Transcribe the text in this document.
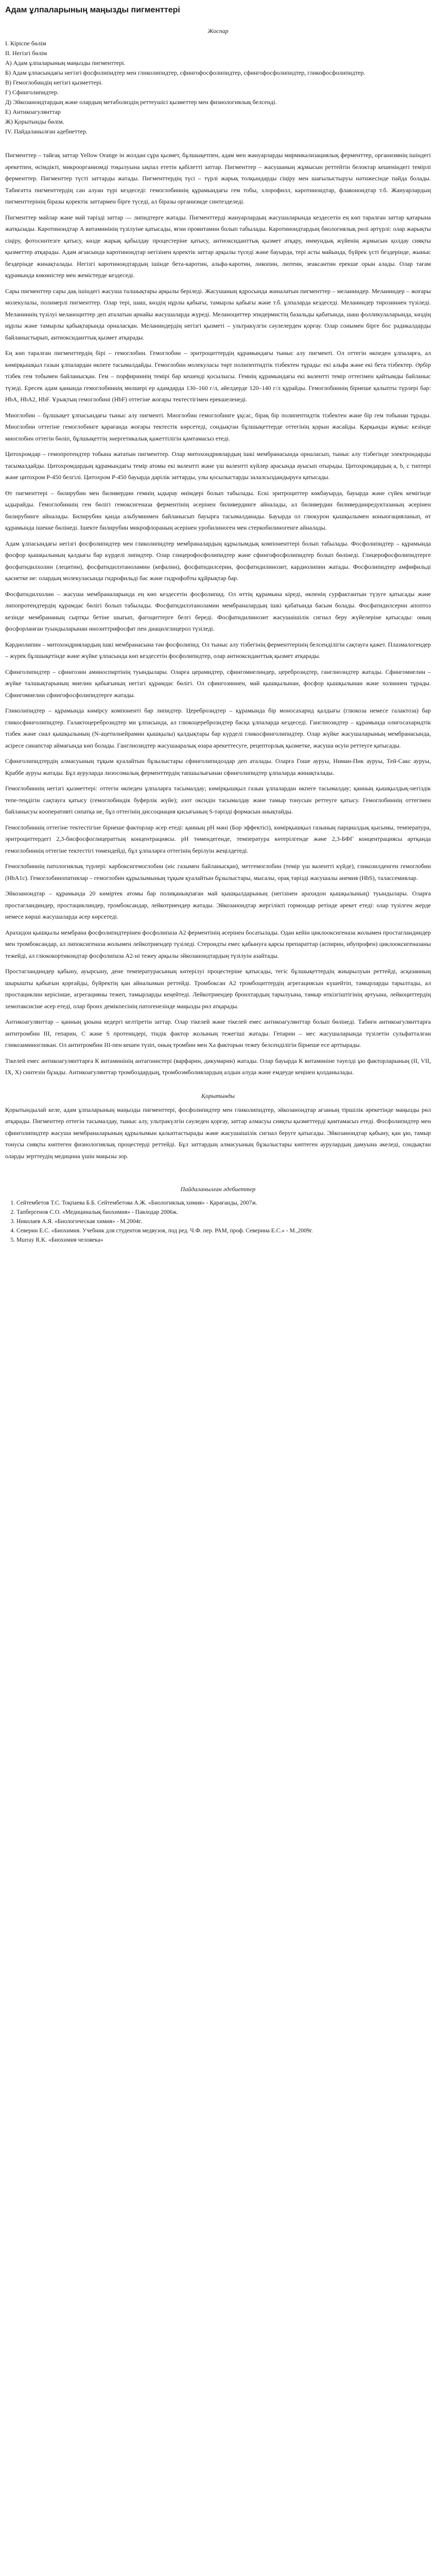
Адам ұлпаларының маңызды пигменттері
Жоспар
I. Кіріспе бөлім
II. Негізгі бөлім
A) Адам ұлпаларының маңызды пигменттері.
Б) Адам ұлпасындағы негізгі фосфолипидтер мен гликолипидтер, сфингофосфолипидтер, сфингофосфолипидтер, гликофосфолипидтер.
В) Гемоглобиндің негізгі қызметтері.
Г) Сфинголипидтер.
Д) Эйкозаноидтардың және олардың метаболиздің реттеушісі қызметтер мен физиологиялық белсенді.
Е) Антикоагулянттар
Ж) Қорытынды бөлім.
IV. Пайдаланылған әдебиеттер.

Пигменттер – тайғақ заттар Yellow Orange ін жолдан сұра қызмет, бұлшықетпен, адам мен жануарларды мирмикализациялық ферменттер, организмнің ішіндегі әрекетпен, өсімдікті, микроорганизмді тоқылуына ықпал ететін қабілетті заттар. Пигменттер – жасушаның жұмысын реттейтін белоктар кешеніндегі темірлі ферменттер. Пигменттер түсті заттарды жатады. Пигменттердің түсі – түрлі жарық толқындарды сіңіру мен шағылыстыруы нәтижесінде пайда болады. Табиғатта пигменттердің сан алуан түрі кездеседі: гемоглобиннің құрамындағы гем тобы, хлорофилл, каротиноидтар, флавоноидтар т.б. Жануарлардың пигменттерінің біразы қоректік заттармен бірге түседі, ал біразы организмде синтезделеді.

Пигменттер майлар және май тәрізді заттар — липидтерге жатады. Пигменттерді жануарлардың жасушаларында кездесетін ең көп таралған заттар қатарына жатқызады. Каротиноидтар A витаминінің түзілуіне қатысады, яғни провитамин болып табылады. Каротиноидтардың биологиялық рөлі әртүрлі: олар жарықты сіңіру, фотосинтезге қатысу, көзде жарық қабылдау процестеріне қатысу, антиоксиданттық қызмет атқару, иммундық жүйенің жұмысын қолдау сияқты қызметтер атқарады. Адам ағзасында каротиноидтар негізінен қоректік заттар арқылы түседі және бауырда, тері асты майында, бүйрек үсті бездерінде, жыныс бездерінде жинақталады. Негізгі каротиноидтардың ішінде бета-каротин, альфа-каротин, ликопин, лютеин, зеаксантин ерекше орын алады. Олар тағам құрамында көкөністер мен жемістерде кездеседі.

Сары пигменттер сары дақ ішіндегі жасуша талшықтары арқылы беріледі. Жасушаның ядросында жиналатын пигменттер – меланиндер. Меланиндер – жоғары молекулалы, полимерлі пигменттер. Олар тері, шаш, көздің нұрлы қабығы, тамырлы қабығы және т.б. ұлпаларда кездеседі. Меланиндер тирозиннен түзіледі. Меланиннің түзілуі меланоциттер деп аталатын арнайы жасушаларда жүреді. Меланоциттер эпидермистің базальды қабатында, шаш фолликулаларында, көздің нұрлы және тамырлы қабықтарында орналасқан. Меланиндердің негізгі қызметі – ультракүлгін сәулелерден қорғау. Олар сонымен бірге бос радикалдарды байланыстырып, антиоксиданттық қызмет атқарады.

Ең көп таралған пигменттердің бірі – гемоглобин. Гемоглобин – эритроциттердің құрамындағы тыныс алу пигменті. Ол оттегін өкпеден ұлпаларға, ал көмірқышқыл газын ұлпалардан өкпеге тасымалдайды. Гемоглобин молекуласы төрт полипептидтік тізбектен тұрады: екі альфа және екі бета тізбектер. Әрбір тізбек гем тобымен байланысқан. Гем – порфириннің темірі бар кешенді қосылысы. Гемнің құрамындағы екі валентті темір оттегімен қайтымды байланыс түзеді. Ересек адам қанында гемоглобиннің мөлшері ер адамдарда 130–160 г/л, әйелдерде 120–140 г/л құрайды. Гемоглобиннің бірнеше қалыпты түрлері бар: HbA, HbA2, HbF. Ұрықтың гемоглобині (HbF) оттегіне жоғары тектестігімен ерекшеленеді.

Миоглобин – бұлшықет ұлпасындағы тыныс алу пигменті. Миоглобин гемоглобинге ұқсас, бірақ бір полипептидтік тізбектен және бір гем тобынан тұрады. Миоглобин оттегіне гемоглобинге қарағанда жоғары тектестік көрсетеді, сондықтан бұлшықеттерде оттегінің қорын жасайды. Қарқынды жұмыс кезінде миоглобин оттегін бөліп, бұлшықеттің энергетикалық қажеттілігін қамтамасыз етеді.

Цитохромдар – гемопротеидтер тобына жататын пигменттер. Олар митохондриялардың ішкі мембранасында орналасып, тыныс алу тізбегінде электрондарды тасымалдайды. Цитохромдардың құрамындағы темір атомы екі валентті және үш валентті күйлер арасында ауысып отырады. Цитохромдардың a, b, c типтері және цитохром P-450 белгілі. Цитохром P-450 бауырда дәрілік заттарды, улы қосылыстарды залалсыздандыруға қатысады.

Өт пигменттері – билирубин мен биливердин гемнің ыдырау өнімдері болып табылады. Ескі эритроциттер көкбауырда, бауырда және сүйек кемігінде ыдырайды. Гемоглобиннің гем бөлігі гемоксигеназа ферментінің әсерінен биливердинге айналады, ал биливердин биливердинредуктазаның әсерінен билирубинге айналады. Билирубин қанда альбуминмен байланысып бауырға тасымалданады. Бауырда ол глюкурон қышқылымен коньюгацияланып, өт құрамында ішекке бөлінеді. Ішекте билирубин микрофлораның әсерінен уробилиноген мен стеркобилиногенге айналады.

Адам ұлпасындағы негізгі фосфолипидтер мен гликолипидтер мембраналардың құрылымдық компоненттері болып табылады. Фосфолипидтер – құрамында фосфор қышқылының қалдығы бар күрделі липидтер. Олар глицерофосфолипидтер және сфингофосфолипидтер болып бөлінеді. Глицерофосфолипидтерге фосфатидилхолин (лецитин), фосфатидилэтаноламин (кефалин), фосфатидилсерин, фосфатидилинозит, кардиолипин жатады. Фосфолипидтер амфифильді қасиетке ие: олардың молекуласында гидрофильді бас және гидрофобты құйрықтар бар.

Фосфатидилхолин – жасуша мембраналарында ең көп кездесетін фосфолипид. Ол өттің құрамына кіреді, өкпенің сурфактантын түзуге қатысады және липопротеидтердің құрамдас бөлігі болып табылады. Фосфатидилэтаноламин мембраналардың ішкі қабатында басым болады. Фосфатидилсерин апоптоз кезінде мембрананың сыртқы бетіне шығып, фагоциттерге белгі береді. Фосфатидилинозит жасушаішілік сигнал беру жүйелеріне қатысады: оның фосфорланған туындыларынан инозиттрифосфат пен диацилглицерол түзіледі.

Кардиолипин – митохондриялардың ішкі мембранасына тән фосфолипид. Ол тыныс алу тізбегінің ферменттерінің белсенділігін сақтауға қажет. Плазмалогендер – жүрек бұлшықетінде және жүйке ұлпасында көп кездесетін фосфолипидтер, олар антиоксиданттық қызмет атқарады.

Сфинголипидтер – сфингозин аминоспиртінің туындылары. Оларға церамидтер, сфингомиелиндер, цереброзидтер, ганглиозидтер жатады. Сфингомиелин – жүйке талшықтарының миелин қабығының негізгі құрамдас бөлігі. Ол сфингозиннен, май қышқылынан, фосфор қышқылынан және холиннен тұрады. Сфингомиелин сфингофосфолипидтерге жатады.

Гликолипидтер – құрамында көмірсу компоненті бар липидтер. Цереброзидтер – құрамында бір моносахарид қалдығы (глюкоза немесе галактоза) бар гликосфинголипидтер. Галактоцереброзидтер ми ұлпасында, ал глюкоцереброзидтер басқа ұлпаларда кездеседі. Ганглиозидтер – құрамында олигосахаридтік тізбек және сиал қышқылының (N-ацетилнейрамин қышқылы) қалдықтары бар күрделі гликосфинголипидтер. Олар жүйке жасушаларының мембранасында, әсіресе синапстар аймағында көп болады. Ганглиозидтер жасушааралық өзара әрекеттесуге, рецепторлық қызметке, жасуша өсуін реттеуге қатысады.

Сфинголипидтердің алмасуының тұқым қуалайтын бұзылыстары сфинголипидоздар деп аталады. Оларға Гоше ауруы, Ниман-Пик ауруы, Тей-Сакс ауруы, Краббе ауруы жатады. Бұл ауруларда лизосомалық ферменттердің тапшылығынан сфинголипидтер ұлпаларда жинақталады.

Гемоглобиннің негізгі қызметтері: оттегін өкпеден ұлпаларға тасымалдау; көмірқышқыл газын ұлпалардан өкпеге тасымалдау; қанның қышқылдық-негіздік тепе-теңдігін сақтауға қатысу (гемоглобиндік буферлік жүйе); азот оксидін тасымалдау және тамыр тонусын реттеуге қатысу. Гемоглобиннің оттегімен байланысуы кооперативті сипатқа ие, бұл оттегінің диссоциация қисығының S-тәрізді формасын анықтайды.

Гемоглобиннің оттегіне тектестігіне бірнеше факторлар әсер етеді: қанның рН мәні (Бор эффектісі), көмірқышқыл газының парциалдық қысымы, температура, эритроциттердегі 2,3-бисфосфоглицераттың концентрациясы. рН төмендегенде, температура көтерілгенде және 2,3-БФГ концентрациясы артқанда гемоглобиннің оттегіне тектестігі төмендейді, бұл ұлпаларға оттегінің берілуін жеңілдетеді.

Гемоглобиннің патологиялық түрлері: карбоксигемоглобин (иіс газымен байланысқан), метгемоглобин (темір үш валентті күйде), гликозилденген гемоглобин (HbA1c). Гемоглобинопатиялар – гемоглобин құрылымының тұқым қуалайтын бұзылыстары, мысалы, орақ тәрізді жасушалы анемия (HbS), талассемиялар.

Эйкозаноидтар – құрамында 20 көміртек атомы бар полиқанықпаған май қышқылдарының (негізінен арахидон қышқылының) туындылары. Оларға простагландиндер, простациклиндер, тромбоксандар, лейкотриендер жатады. Эйкозаноидтар жергілікті гормондар ретінде әрекет етеді: олар түзілген жерде немесе көрші жасушаларда әсер көрсетеді.

Арахидон қышқылы мембрана фосфолипидтерінен фосфолипаза А2 ферментінің әсерінен босатылады. Одан кейін циклооксигеназа жолымен простагландиндер мен тромбоксандар, ал липоксигеназа жолымен лейкотриендер түзіледі. Стероидты емес қабынуға қарсы препараттар (аспирин, ибупрофен) циклооксигеназаны тежейді, ал глюкокортикоидтар фосфолипаза А2-ні тежеу арқылы эйкозаноидтардың түзілуін азайтады.

Простагландиндер қабыну, ауырсыну, дене температурасының көтерілуі процестеріне қатысады, тегіс бұлшықеттердің жиырылуын реттейді, асқазанның шырышты қабығын қорғайды, бүйректің қан айналымын реттейді. Тромбоксан А2 тромбоциттердің агрегациясын күшейтіп, тамырларды тарылтады, ал простациклин керісінше, агрегацияны тежеп, тамырларды кеңейтеді. Лейкотриендер бронхтардың тарылуына, тамыр өткізгіштігінің артуына, лейкоциттердің хемотаксисіне әсер етеді, олар бронх демікпесінің патогенезінде маңызды рөл атқарады.

Антикоагулянттар – қанның ұюына кедергі келтіретін заттар. Олар тікелей және тікелей емес антикоагулянттар болып бөлінеді. Табиғи антикоагулянттарға антитромбин III, гепарин, С және S протеиндері, тіндік фактор жолының тежегіші жатады. Гепарин – мес жасушаларында түзілетін сульфатталған гликозаминогликан. Ол антитромбин III-пен кешен түзіп, оның тромбин мен Ха факторын тежеу белсенділігін бірнеше есе арттырады.

Тікелей емес антикоагулянттарға К витаминінің антагонистері (варфарин, дикумарин) жатады. Олар бауырда К витаминіне тәуелді ұю факторларының (II, VII, IX, X) синтезін бұзады. Антикоагулянттар тромбоздардың, тромбоэмболиялардың алдын алуда және емдеуде кеңінен қолданылады.

Қорытынды

Қорытындылай келе, адам ұлпаларының маңызды пигменттері, фосфолипидтер мен гликолипидтер, эйкозаноидтар ағзаның тіршілік әрекетінде маңызды рөл атқарады. Пигменттер оттегін тасымалдау, тыныс алу, ультракүлгін сәуледен қорғау, заттар алмасуы сияқты қызметтерді қамтамасыз етеді. Фосфолипидтер мен сфинголипидтер жасуша мембраналарының құрылымын қалыптастырады және жасушаішілік сигнал беруге қатысады. Эйкозаноидтар қабыну, қан ұю, тамыр тонусы сияқты көптеген физиологиялық процестерді реттейді. Бұл заттардың алмасуының бұзылыстары көптеген аурулардың дамуына әкеледі, сондықтан оларды зерттеудің медицина үшін маңызы зор.

Пайдаланылған әдебиеттер
1. Сейтембетов Т.С. Тоқпаева Б.Б. Сейтембетова А.Ж. «Биологиялық химия» - Қарағанды, 2007ж.
2. Тапбергенов С.О. «Медициналық биохимия» - Павлодар 2006ж.
3. Николаев А.Я. «Биологическая химия» - М.2004г.
4. Северин Е.С. «Биохимия. Учебник для студентов медвузов, под ред. Ч.Ф. пер. РАМ, проф. Северина Е.С.» - М.,2009г.
5. Murray R.K. «Биохимия человека»
